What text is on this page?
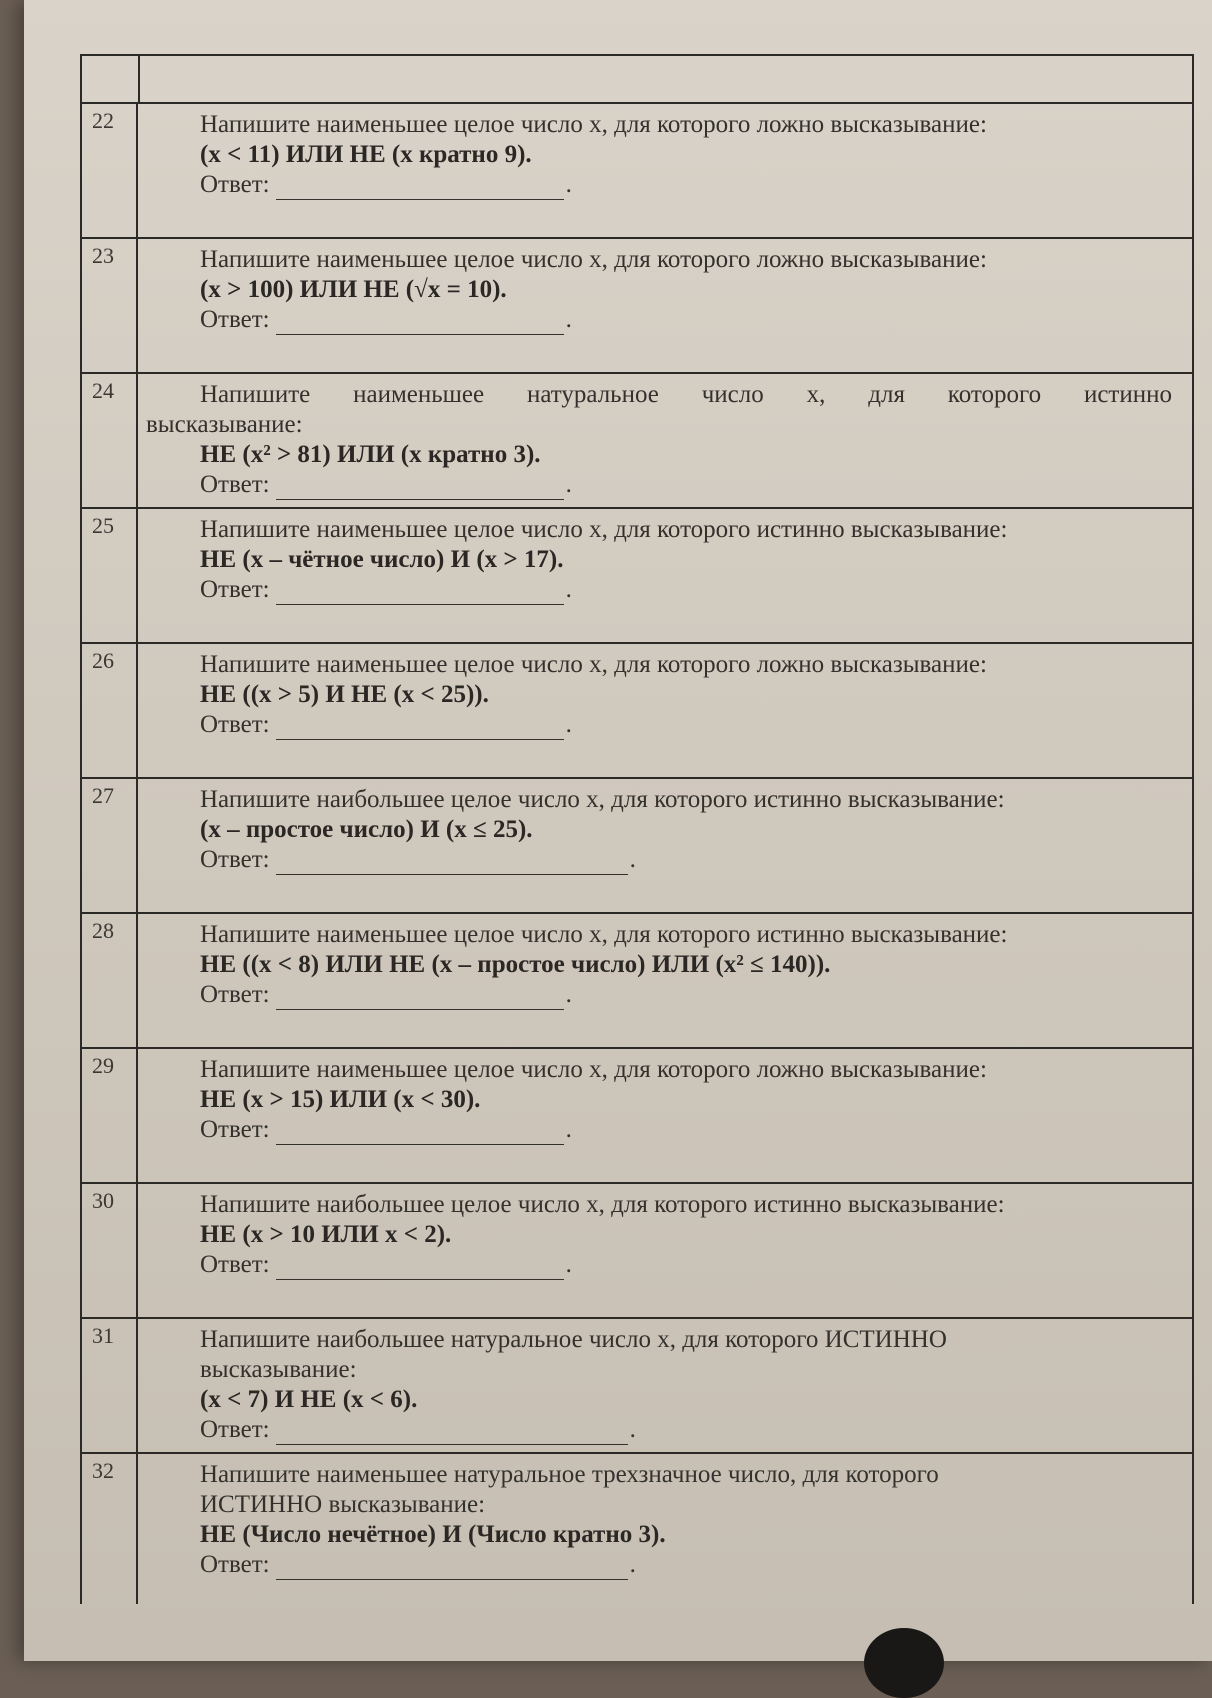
22	Напишите наименьшее целое число x, для которого ложно высказывание:
(x < 11) ИЛИ НЕ (x кратно 9).
Ответ:	.
23	Напишите наименьшее целое число x, для которого ложно высказывание:
(x > 100) ИЛИ НЕ (√x = 10).
Ответ:	.
24	Напишите наименьшее натуральное число x, для которого истинно
высказывание:
НЕ (x² > 81) ИЛИ (x кратно 3).
Ответ:	.
25	Напишите наименьшее целое число x, для которого истинно высказывание:
НЕ (x – чётное число) И (x > 17).
Ответ:	.
26	Напишите наименьшее целое число x, для которого ложно высказывание:
НЕ ((x > 5) И НЕ (x < 25)).
Ответ:	.
27	Напишите наибольшее целое число x, для которого истинно высказывание:
(x – простое число) И (x ≤ 25).
Ответ:	.
28	Напишите наименьшее целое число x, для которого истинно высказывание:
НЕ ((x < 8) ИЛИ НЕ (x – простое число) ИЛИ (x² ≤ 140)).
Ответ:	.
29	Напишите наименьшее целое число x, для которого ложно высказывание:
НЕ (x > 15) ИЛИ (x < 30).
Ответ:	.
30	Напишите наибольшее целое число x, для которого истинно высказывание:
НЕ (x > 10 ИЛИ x < 2).
Ответ:	.
31	Напишите наибольшее натуральное число x, для которого ИСТИННО
высказывание:
(x < 7) И НЕ (x < 6).
Ответ:	.
32	Напишите наименьшее натуральное трехзначное число, для которого
ИСТИННО высказывание:
НЕ (Число нечётное) И (Число кратно 3).
Ответ:	.
